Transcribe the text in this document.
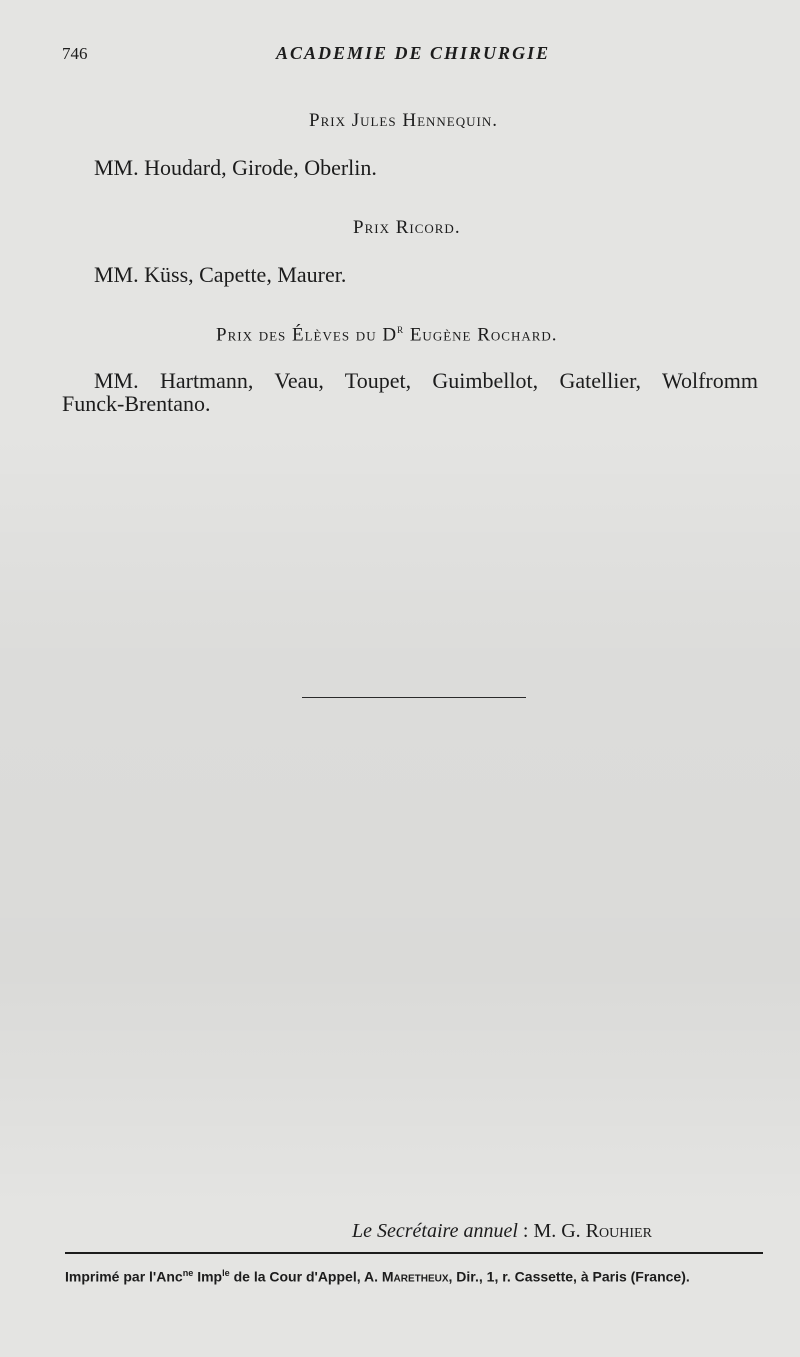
746	ACADEMIE DE CHIRURGIE
Prix Jules Hennequin.
MM. Houdard, Girode, Oberlin.
Prix Ricord.
MM. Küss, Capette, Maurer.
Prix des Élèves du $D^r$ Eugène Rochard.
MM. Hartmann, Veau, Toupet, Guimbellot, Gatellier, Wolfromm
Funck-Brentano.
Le Secrétaire annuel : M. G. Rouhier
Imprimé par l'Anc$^{ne}$ Imp$^{le}$ de la Cour d'Appel, A. Maretheux, Dir., 1, r. Cassette, à Paris (France).
